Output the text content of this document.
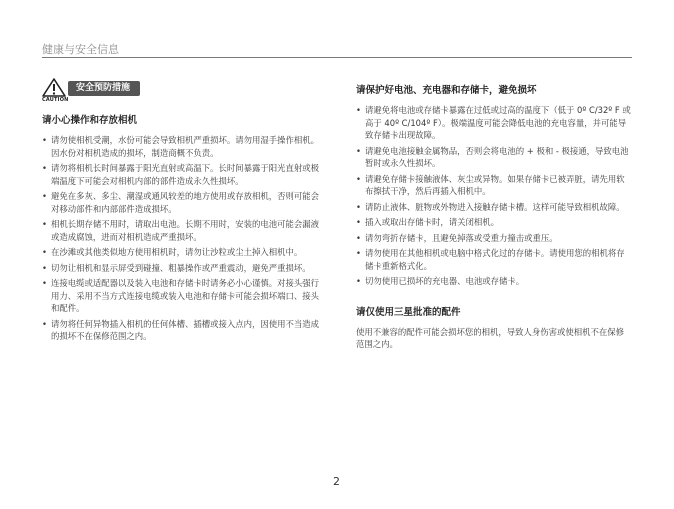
健康与安全信息
安全预防措施
CAUTION
请小心操作和存放相机
• 请勿使相机受潮，水份可能会导致相机严重损坏。请勿用湿手操作相机。因水份对相机造成的损坏，制造商概不负责。
• 请勿将相机长时间暴露于阳光直射或高温下。长时间暴露于阳光直射或极端温度下可能会对相机内部的部件造成永久性损坏。
• 避免在多灰、多尘、潮湿或通风较差的地方使用或存放相机，否则可能会对移动部件和内部部件造成损坏。
• 相机长期存储不用时，请取出电池。长期不用时，安装的电池可能会漏液或造成腐蚀，进而对相机造成严重损坏。
• 在沙滩或其他类似地方使用相机时，请勿让沙粒或尘土掉入相机中。
• 切勿让相机和显示屏受到碰撞、粗暴操作或严重震动，避免严重损坏。
• 连接电缆或适配器以及装入电池和存储卡时请务必小心谨慎。对接头强行用力、采用不当方式连接电缆或装入电池和存储卡可能会损坏端口、接头和配件。
• 请勿将任何异物插入相机的任何体槽、插槽或接入点内，因使用不当造成的损坏不在保修范围之内。
请保护好电池、充电器和存储卡，避免损坏
• 请避免将电池或存储卡暴露在过低或过高的温度下（低于 0º C/32º F 或高于 40º C/104º F）。极端温度可能会降低电池的充电容量，并可能导致存储卡出现故障。
• 请避免电池接触金属物品，否则会将电池的 + 极和 - 极接通，导致电池暂时或永久性损坏。
• 请避免存储卡接触液体、灰尘或异物。如果存储卡已被弄脏，请先用软布擦拭干净，然后再插入相机中。
• 请防止液体、脏物或外物进入接触存储卡槽。这样可能导致相机故障。
• 插入或取出存储卡时，请关闭相机。
• 请勿弯折存储卡，且避免掉落或受重力撞击或重压。
• 请勿使用在其他相机或电脑中格式化过的存储卡。请使用您的相机将存储卡重新格式化。
• 切勿使用已损坏的充电器、电池或存储卡。
请仅使用三星批准的配件

使用不兼容的配件可能会损坏您的相机，导致人身伤害或使相机不在保修范围之内。

2
